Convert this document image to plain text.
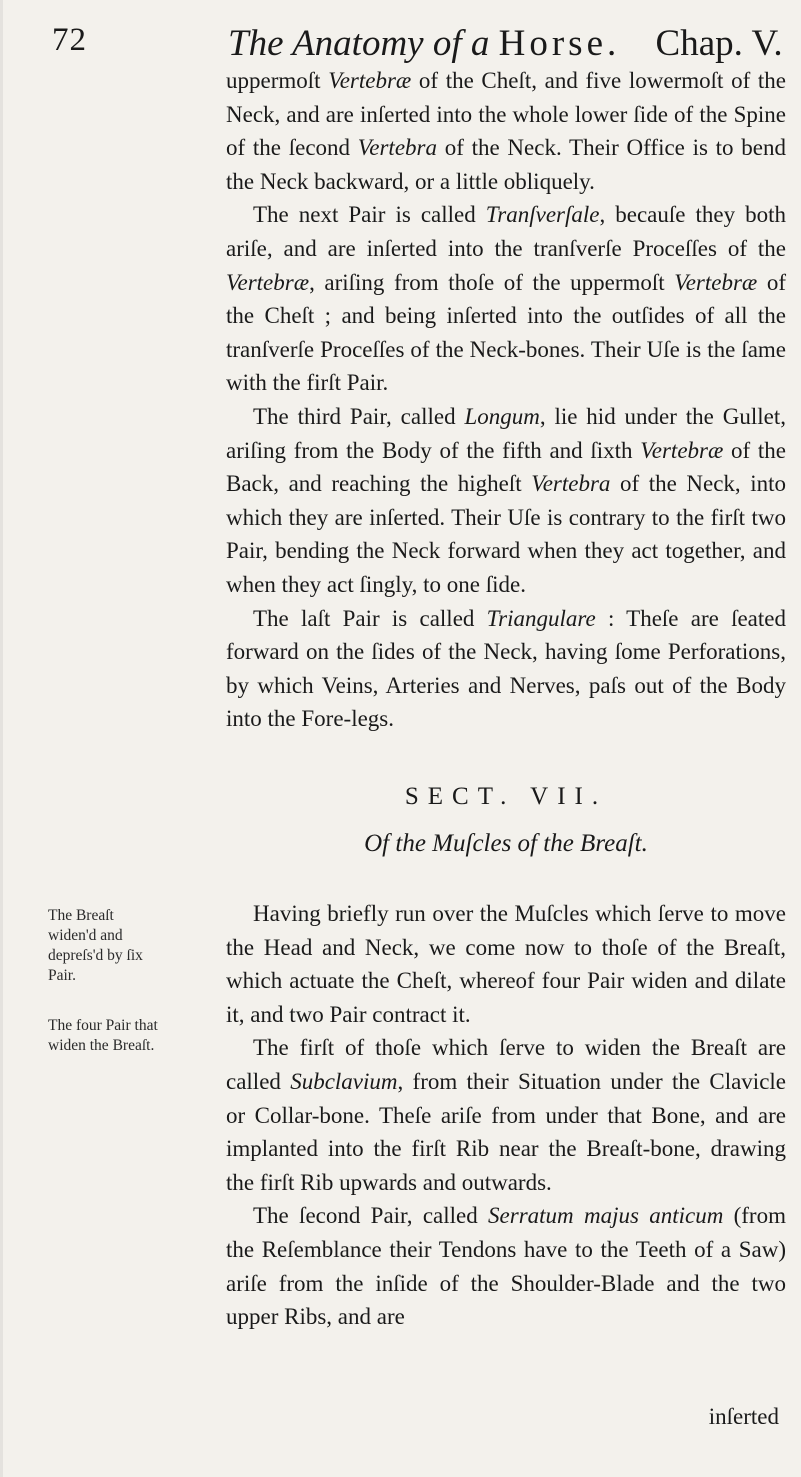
72	The Anatomy of a Horse. Chap. V.

uppermoſt Vertebræ of the Cheſt, and five lowermoſt of the Neck, and are inſerted into the whole lower ſide of the Spine of the ſecond Vertebra of the Neck. Their Office is to bend the Neck backward, or a little obliquely.

The next Pair is called Tranſverſale, becauſe they both ariſe, and are inſerted into the tranſverſe Proceſſes of the Vertebræ, ariſing from thoſe of the uppermoſt Vertebræ of the Cheſt ; and being inſerted into the outſides of all the tranſverſe Proceſſes of the Neck-bones. Their Uſe is the ſame with the firſt Pair.

The third Pair, called Longum, lie hid under the Gullet, ariſing from the Body of the fifth and ſixth Vertebræ of the Back, and reaching the higheſt Vertebra of the Neck, into which they are inſerted. Their Uſe is contrary to the firſt two Pair, bending the Neck forward when they act together, and when they act ſingly, to one ſide.

The laſt Pair is called Triangulare : Theſe are ſeated forward on the ſides of the Neck, having ſome Perforations, by which Veins, Arteries and Nerves, paſs out of the Body into the Fore-legs.

SECT. VII.
Of the Muſcles of the Breaſt.

Having briefly run over the Muſcles which ſerve to move the Head and Neck, we come now to thoſe of the Breaſt, which actuate the Cheſt, whereof four Pair widen and dilate it, and two Pair contract it.

The firſt of thoſe which ſerve to widen the Breaſt are called Subclavium, from their Situation under the Clavicle or Collar-bone. Theſe ariſe from under that Bone, and are implanted into the firſt Rib near the Breaſt-bone, drawing the firſt Rib upwards and outwards.

The ſecond Pair, called Serratum majus anticum (from the Reſemblance their Tendons have to the Teeth of a Saw) ariſe from the inſide of the Shoulder-Blade and the two upper Ribs, and are

The Breaſt widen'd and depreſs'd by ſix Pair.
The four Pair that widen the Breaſt.
inſerted
